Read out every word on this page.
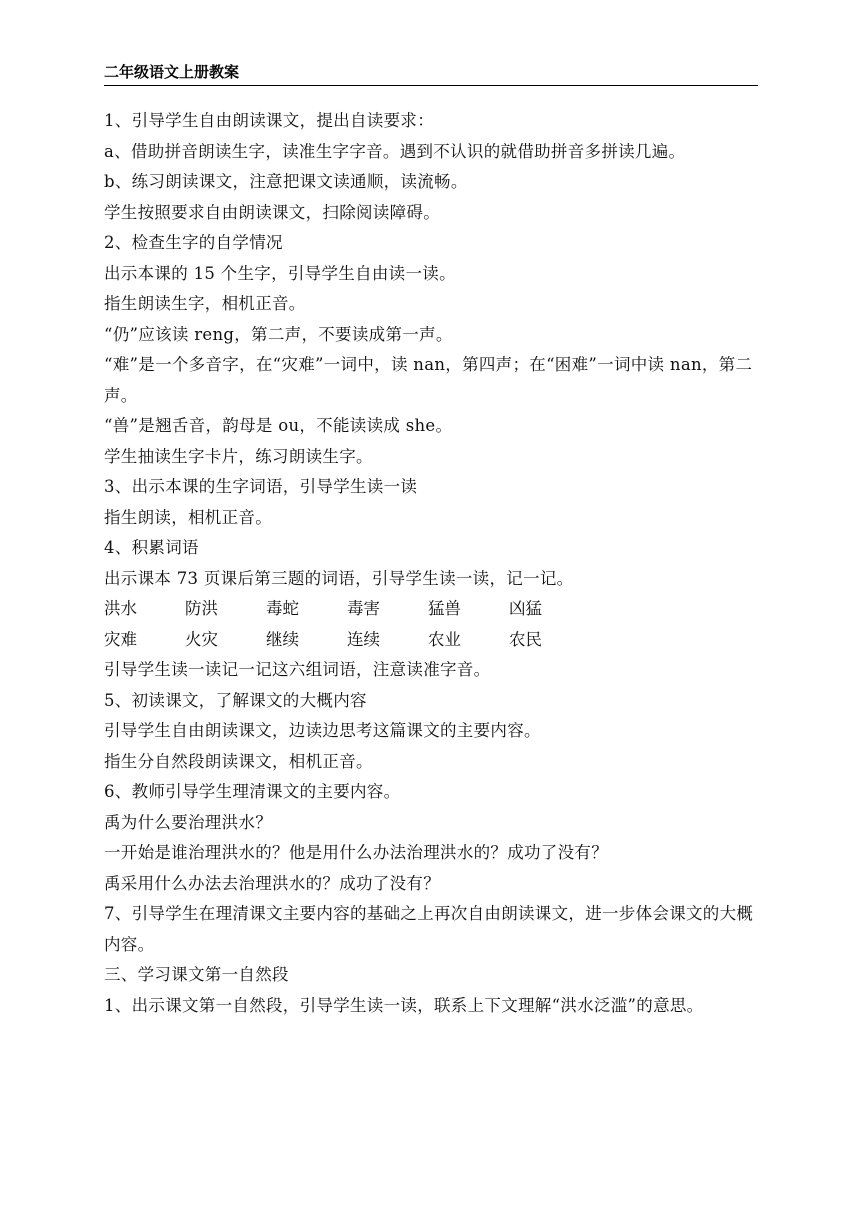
二年级语文上册教案

1、引导学生自由朗读课文，提出自读要求：

a、借助拼音朗读生字，读准生字字音。遇到不认识的就借助拼音多拼读几遍。

b、练习朗读课文，注意把课文读通顺，读流畅。

学生按照要求自由朗读课文，扫除阅读障碍。

2、检查生字的自学情况

出示本课的 15 个生字，引导学生自由读一读。

指生朗读生字，相机正音。

“仍”应该读 reng，第二声，不要读成第一声。

“难”是一个多音字，在“灾难”一词中，读 nan，第四声；在“困难”一词中读 nan，第二声。

“兽”是翘舌音，韵母是 ou，不能读读成 she。

学生抽读生字卡片，练习朗读生字。

3、出示本课的生字词语，引导学生读一读

指生朗读，相机正音。

4、积累词语

出示课本 73 页课后第三题的词语，引导学生读一读，记一记。

洪水	防洪	毒蛇	毒害	猛兽	凶猛
灾难	火灾	继续	连续	农业	农民

引导学生读一读记一记这六组词语，注意读准字音。

5、初读课文，了解课文的大概内容

引导学生自由朗读课文，边读边思考这篇课文的主要内容。

指生分自然段朗读课文，相机正音。

6、教师引导学生理清课文的主要内容。

禹为什么要治理洪水？

一开始是谁治理洪水的？他是用什么办法治理洪水的？成功了没有？

禹采用什么办法去治理洪水的？成功了没有？

7、引导学生在理清课文主要内容的基础之上再次自由朗读课文，进一步体会课文的大概内容。

三、学习课文第一自然段

1、出示课文第一自然段，引导学生读一读，联系上下文理解“洪水泛滥”的意思。
